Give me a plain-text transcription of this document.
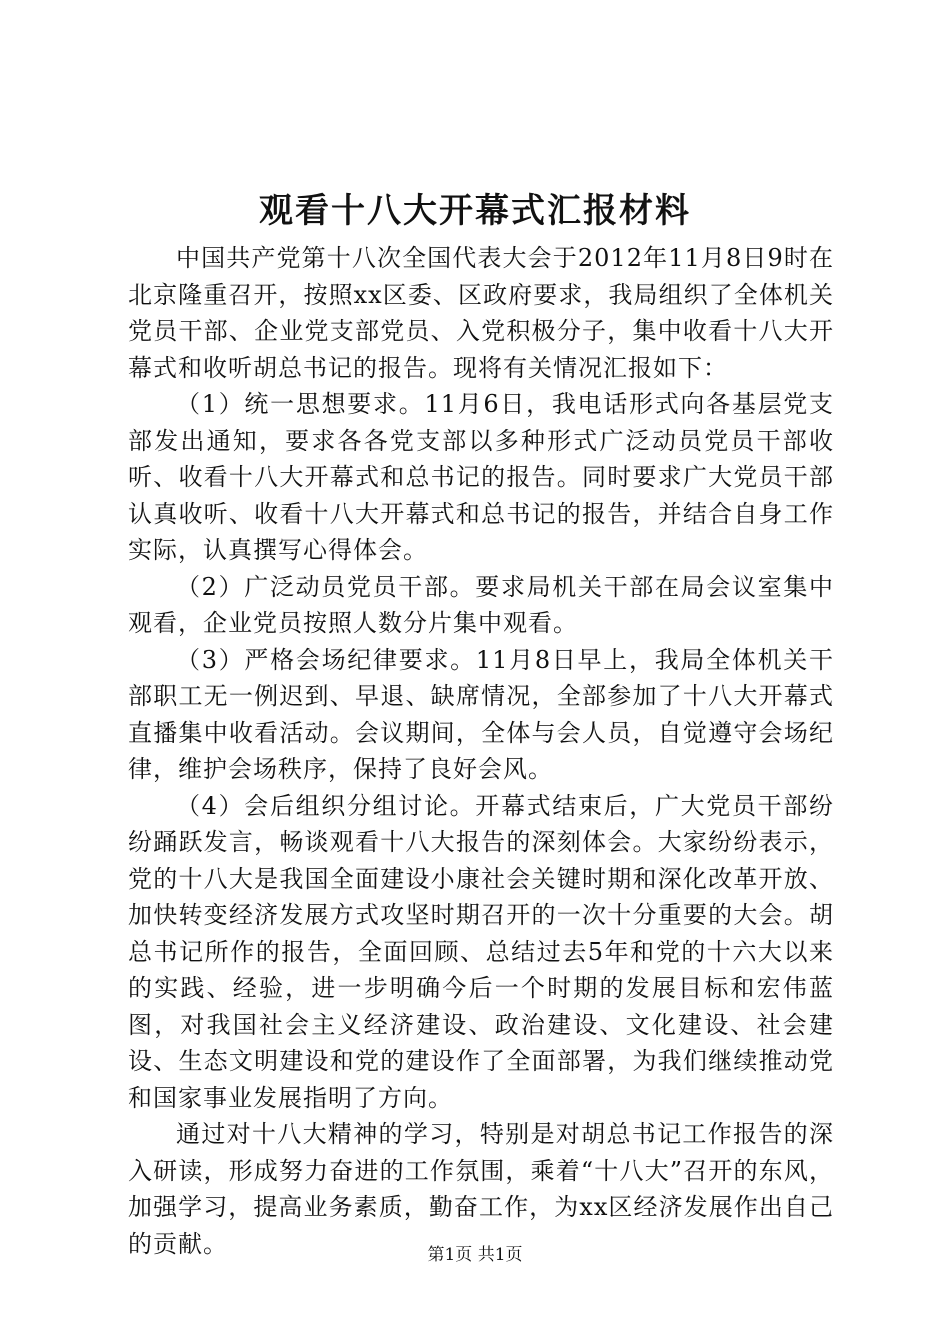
观看十八大开幕式汇报材料

中国共产党第十八次全国代表大会于2012年11月8日9时在北京隆重召开，按照xx区委、区政府要求，我局组织了全体机关党员干部、企业党支部党员、入党积极分子，集中收看十八大开幕式和收听胡总书记的报告。现将有关情况汇报如下：

（1）统一思想要求。11月6日，我电话形式向各基层党支部发出通知，要求各各党支部以多种形式广泛动员党员干部收听、收看十八大开幕式和总书记的报告。同时要求广大党员干部认真收听、收看十八大开幕式和总书记的报告，并结合自身工作实际，认真撰写心得体会。

（2）广泛动员党员干部。要求局机关干部在局会议室集中观看，企业党员按照人数分片集中观看。

（3）严格会场纪律要求。11月8日早上，我局全体机关干部职工无一例迟到、早退、缺席情况，全部参加了十八大开幕式直播集中收看活动。会议期间，全体与会人员，自觉遵守会场纪律，维护会场秩序，保持了良好会风。

（4）会后组织分组讨论。开幕式结束后，广大党员干部纷纷踊跃发言，畅谈观看十八大报告的深刻体会。大家纷纷表示，党的十八大是我国全面建设小康社会关键时期和深化改革开放、加快转变经济发展方式攻坚时期召开的一次十分重要的大会。胡总书记所作的报告，全面回顾、总结过去5年和党的十六大以来的实践、经验，进一步明确今后一个时期的发展目标和宏伟蓝图，对我国社会主义经济建设、政治建设、文化建设、社会建设、生态文明建设和党的建设作了全面部署，为我们继续推动党和国家事业发展指明了方向。

通过对十八大精神的学习，特别是对胡总书记工作报告的深入研读，形成努力奋进的工作氛围，乘着“十八大”召开的东风，加强学习，提高业务素质，勤奋工作，为xx区经济发展作出自己的贡献。	第1页 共1页
